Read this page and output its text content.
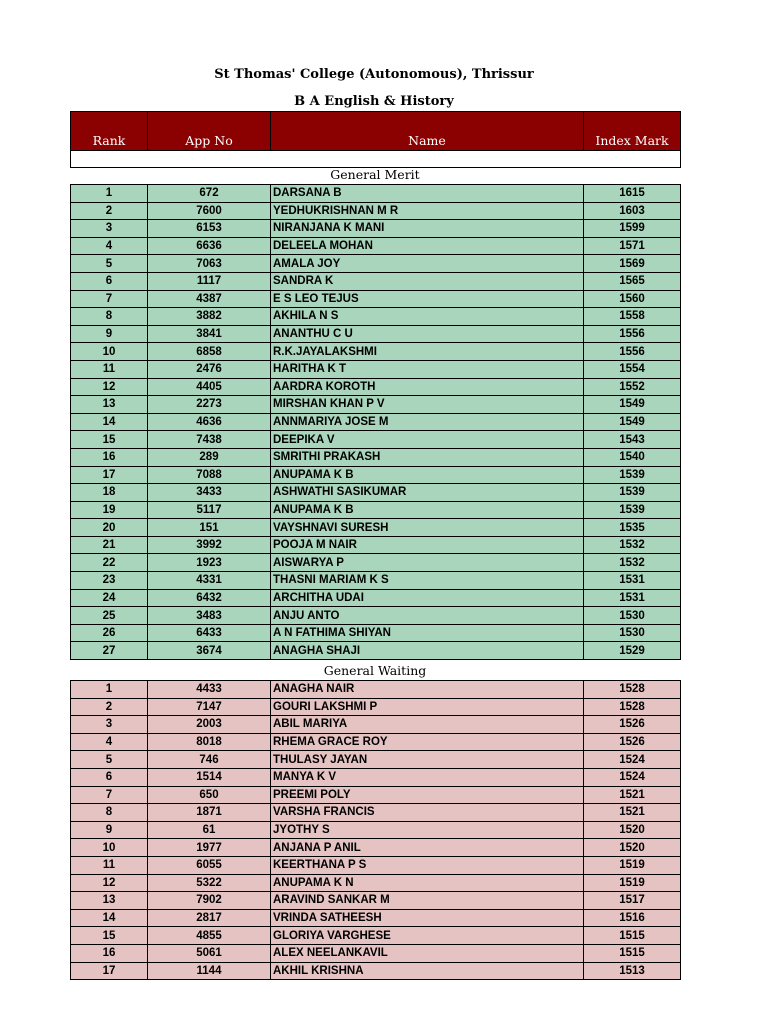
St Thomas' College (Autonomous), Thrissur
B A English & History
Rank	App No	Name	Index Mark

General Merit
1	672	DARSANA B	1615
2	7600	YEDHUKRISHNAN M R	1603
3	6153	NIRANJANA K MANI	1599
4	6636	DELEELA MOHAN	1571
5	7063	AMALA JOY	1569
6	1117	SANDRA K	1565
7	4387	E S LEO TEJUS	1560
8	3882	AKHILA N S	1558
9	3841	ANANTHU C U	1556
10	6858	R.K.JAYALAKSHMI	1556
11	2476	HARITHA K T	1554
12	4405	AARDRA KOROTH	1552
13	2273	MIRSHAN KHAN P V	1549
14	4636	ANNMARIYA JOSE M	1549
15	7438	DEEPIKA V	1543
16	289	SMRITHI PRAKASH	1540
17	7088	ANUPAMA K B	1539
18	3433	ASHWATHI SASIKUMAR	1539
19	5117	ANUPAMA K B	1539
20	151	VAYSHNAVI SURESH	1535
21	3992	POOJA M NAIR	1532
22	1923	AISWARYA P	1532
23	4331	THASNI MARIAM K S	1531
24	6432	ARCHITHA UDAI	1531
25	3483	ANJU ANTO	1530
26	6433	A N FATHIMA SHIYAN	1530
27	3674	ANAGHA SHAJI	1529
General Waiting
1	4433	ANAGHA NAIR	1528
2	7147	GOURI LAKSHMI P	1528
3	2003	ABIL MARIYA	1526
4	8018	RHEMA GRACE ROY	1526
5	746	THULASY JAYAN	1524
6	1514	MANYA K V	1524
7	650	PREEMI POLY	1521
8	1871	VARSHA FRANCIS	1521
9	61	JYOTHY S	1520
10	1977	ANJANA P ANIL	1520
11	6055	KEERTHANA P S	1519
12	5322	ANUPAMA K N	1519
13	7902	ARAVIND SANKAR M	1517
14	2817	VRINDA SATHEESH	1516
15	4855	GLORIYA VARGHESE	1515
16	5061	ALEX NEELANKAVIL	1515
17	1144	AKHIL KRISHNA	1513
